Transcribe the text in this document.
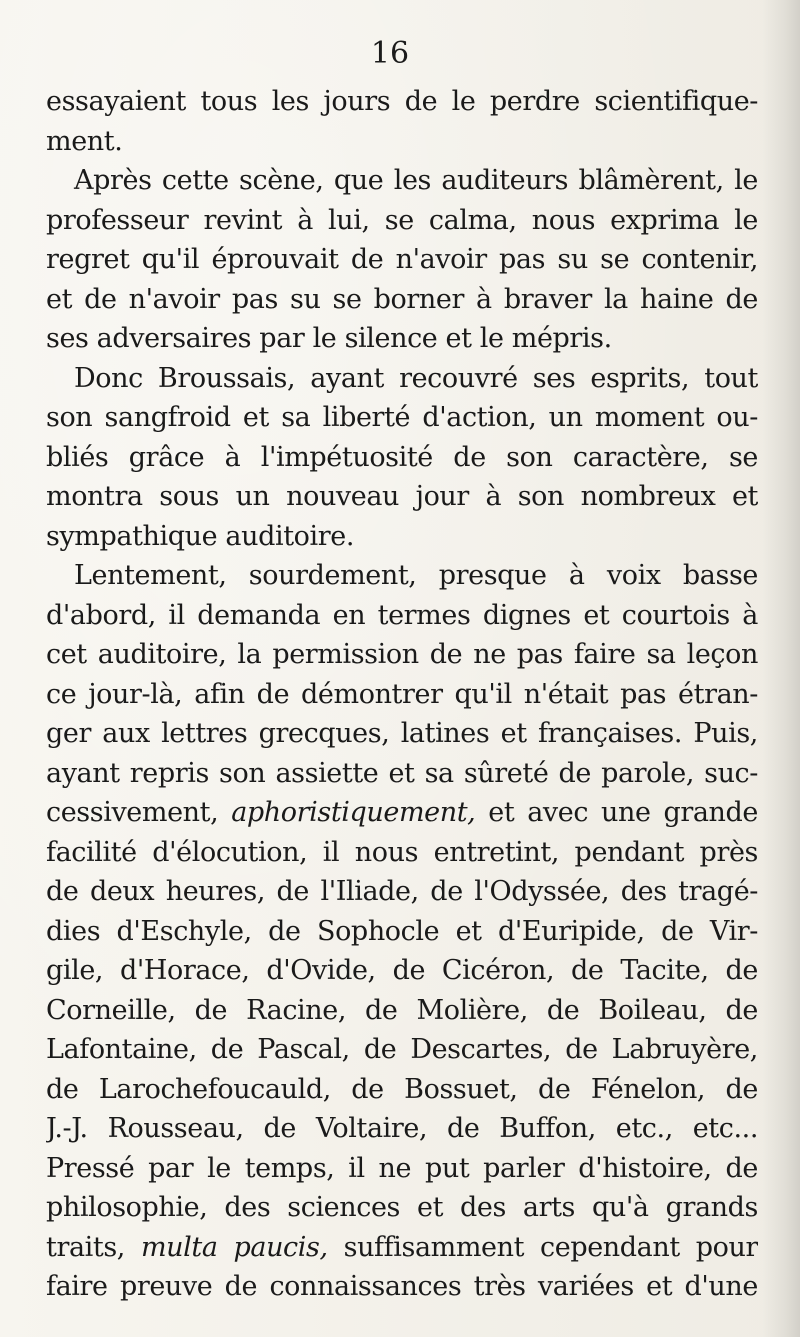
16
essayaient tous les jours de le perdre scientifique-
ment.
Après cette scène, que les auditeurs blâmèrent, le
professeur revint à lui, se calma, nous exprima le
regret qu'il éprouvait de n'avoir pas su se contenir,
et de n'avoir pas su se borner à braver la haine de
ses adversaires par le silence et le mépris.
Donc Broussais, ayant recouvré ses esprits, tout
son sangfroid et sa liberté d'action, un moment ou-
bliés grâce à l'impétuosité de son caractère, se
montra sous un nouveau jour à son nombreux et
sympathique auditoire.
Lentement, sourdement, presque à voix basse
d'abord, il demanda en termes dignes et courtois à
cet auditoire, la permission de ne pas faire sa leçon
ce jour-là, afin de démontrer qu'il n'était pas étran-
ger aux lettres grecques, latines et françaises. Puis,
ayant repris son assiette et sa sûreté de parole, suc-
cessivement, aphoristiquement, et avec une grande
facilité d'élocution, il nous entretint, pendant près
de deux heures, de l'Iliade, de l'Odyssée, des tragé-
dies d'Eschyle, de Sophocle et d'Euripide, de Vir-
gile, d'Horace, d'Ovide, de Cicéron, de Tacite, de
Corneille, de Racine, de Molière, de Boileau, de
Lafontaine, de Pascal, de Descartes, de Labruyère,
de Larochefoucauld, de Bossuet, de Fénelon, de
J.-J. Rousseau, de Voltaire, de Buffon, etc., etc...
Pressé par le temps, il ne put parler d'histoire, de
philosophie, des sciences et des arts qu'à grands
traits, multa paucis, suffisamment cependant pour
faire preuve de connaissances très variées et d'une
